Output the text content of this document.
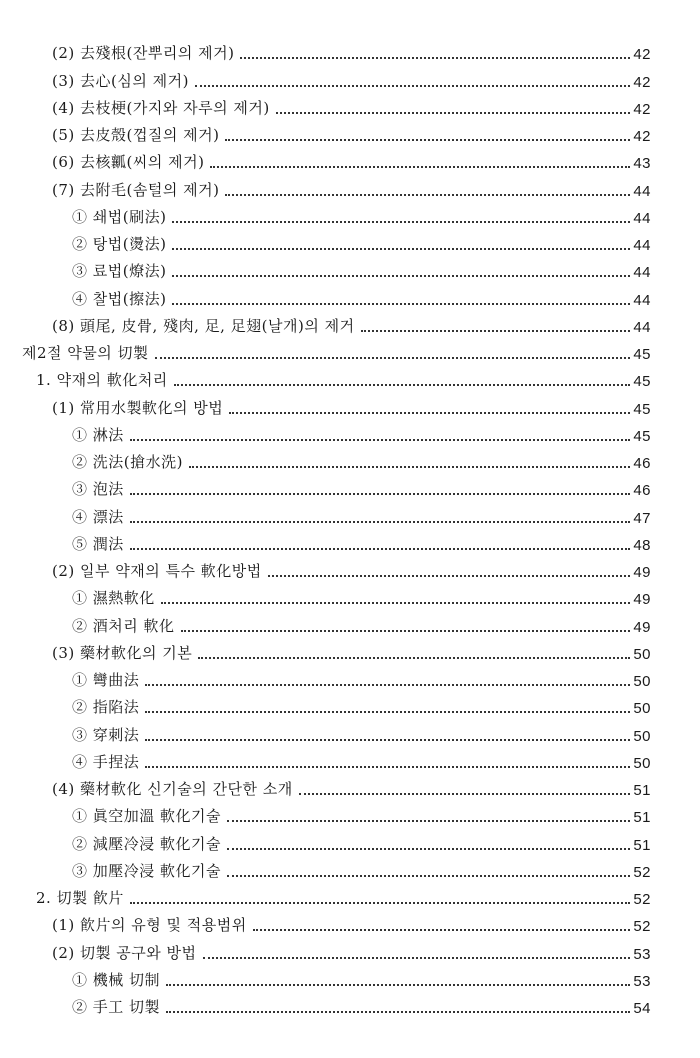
(2) 去殘根(잔뿌리의 제거)	42
(3) 去心(심의 제거)	42
(4) 去枝梗(가지와 자루의 제거)	42
(5) 去皮殼(껍질의 제거)	42
(6) 去核瓤(씨의 제거)	43
(7) 去附毛(솜털의 제거)	44
① 쇄법(刷法)	44
② 탕법(燙法)	44
③ 료법(燎法)	44
④ 찰법(擦法)	44
(8) 頭尾, 皮骨, 殘肉, 足, 足翅(날개)의 제거	44
제2절 약물의 切製	45
1. 약재의 軟化처리	45
(1) 常用水製軟化의 방법	45
① 淋法	45
② 洗法(搶水洗)	46
③ 泡法	46
④ 漂法	47
⑤ 潤法	48
(2) 일부 약재의 특수 軟化방법	49
① 濕熱軟化	49
② 酒처리 軟化	49
(3) 藥材軟化의 기본	50
① 彎曲法	50
② 指陷法	50
③ 穿刺法	50
④ 手捏法	50
(4) 藥材軟化 신기술의 간단한 소개	51
① 眞空加溫 軟化기술	51
② 減壓冷浸 軟化기술	51
③ 加壓冷浸 軟化기술	52
2. 切製 飮片	52
(1) 飮片의 유형 및 적용범위	52
(2) 切製 공구와 방법	53
① 機械 切制	53
② 手工 切製	54
